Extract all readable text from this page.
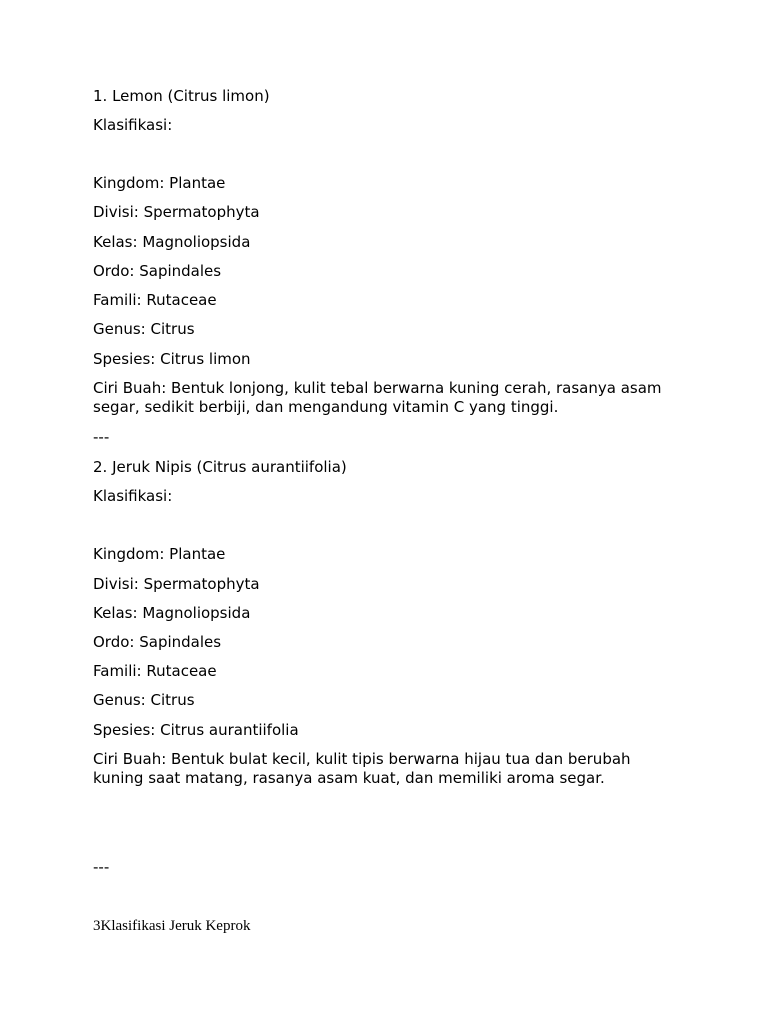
1. Lemon (Citrus limon)

Klasifikasi:

Kingdom: Plantae

Divisi: Spermatophyta

Kelas: Magnoliopsida

Ordo: Sapindales

Famili: Rutaceae

Genus: Citrus

Spesies: Citrus limon

Ciri Buah: Bentuk lonjong, kulit tebal berwarna kuning cerah, rasanya asam segar, sedikit berbiji, dan mengandung vitamin C yang tinggi.

---

2. Jeruk Nipis (Citrus aurantiifolia)

Klasifikasi:

Kingdom: Plantae

Divisi: Spermatophyta

Kelas: Magnoliopsida

Ordo: Sapindales

Famili: Rutaceae

Genus: Citrus

Spesies: Citrus aurantiifolia

Ciri Buah: Bentuk bulat kecil, kulit tipis berwarna hijau tua dan berubah kuning saat matang, rasanya asam kuat, dan memiliki aroma segar.

---

3Klasifikasi Jeruk Keprok
